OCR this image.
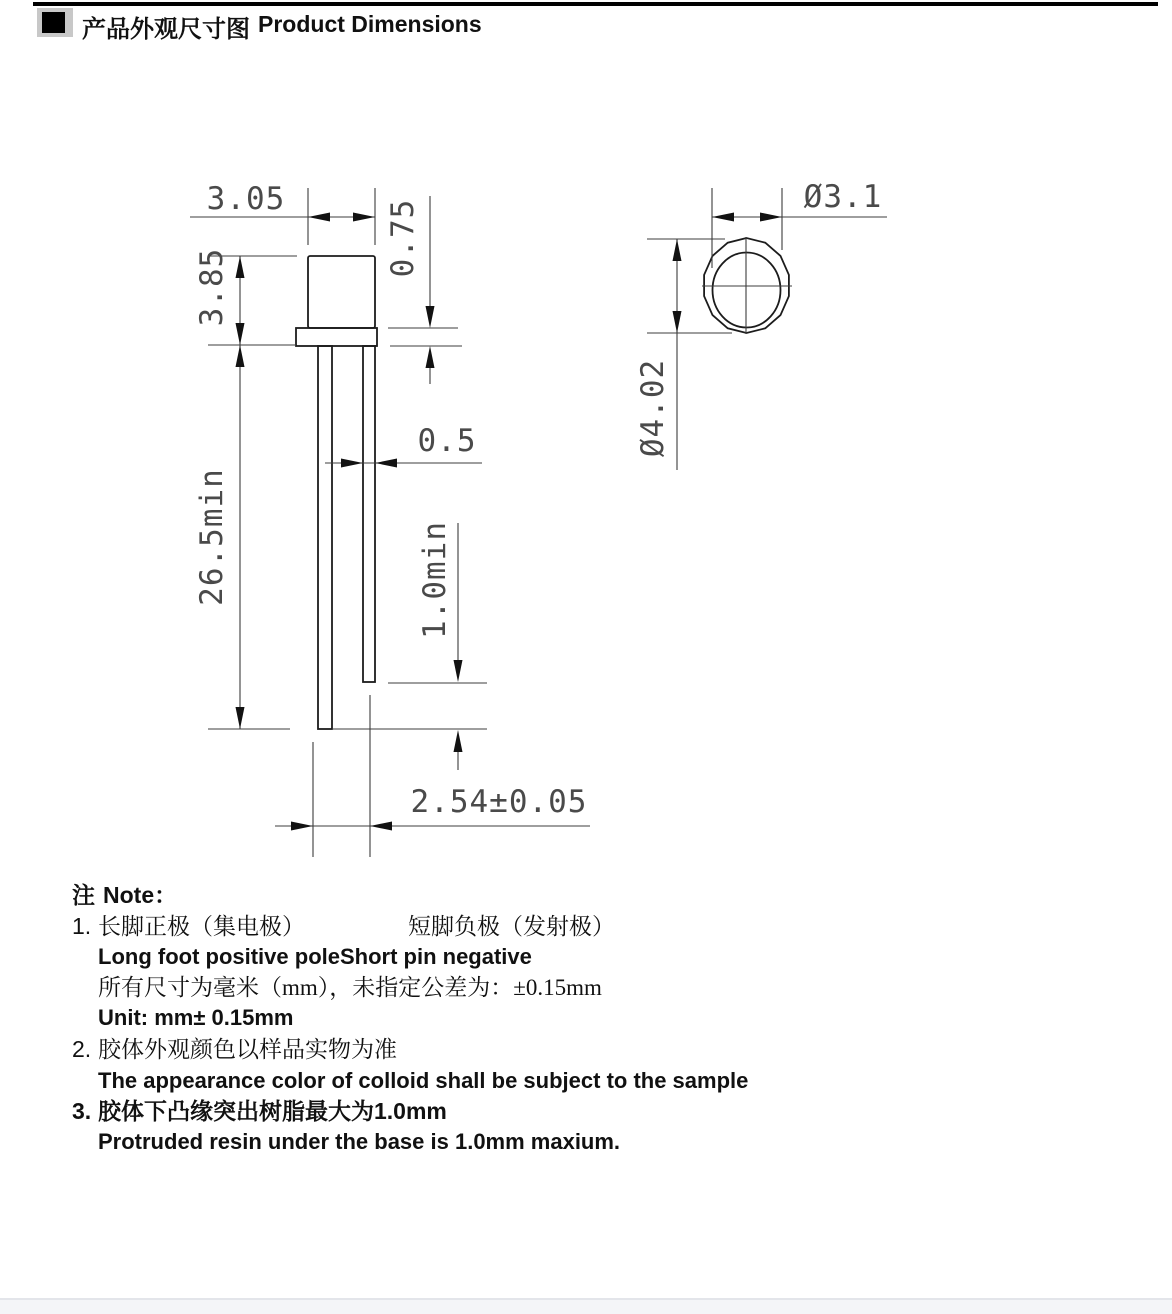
产品外观尺寸图 Product Dimensions
3.05	0.75
3.85
26.5min
0.5
1.0min
2.54±0.05
Ø3.1
Ø4.02
注 Note：
1. 长脚正极（集电极）	短脚负极（发射极）
Long foot positive pole Short pin negative
所有尺寸为毫米（mm），未指定公差为：±0.15mm
Unit: mm± 0.15mm
2. 胶体外观颜色以样品实物为准
The appearance color of colloid shall be subject to the sample
3. 胶体下凸缘突出树脂最大为1.0mm
Protruded resin under the base is 1.0mm maxium.
